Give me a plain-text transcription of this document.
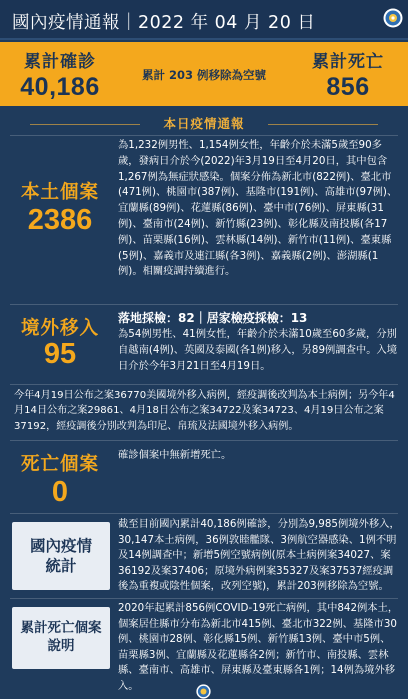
國內疫情通報｜2022 年 04 月 20 日
累計確診
40,186	累計 203 例移除為空號
累計死亡
856
本日疫情通報
本土個案
2386
為1,232例男性、1,154例女性，年齡介於未滿5歲至90多歲，發病日介於今(2022)年3月19日至4月20日，其中包含1,267例為無症狀感染。個案分佈為新北市(822例)、臺北市(471例)、桃園市(387例)、基隆市(191例)、高雄市(97例)、宜蘭縣(89例)、花蓮縣(86例)、臺中市(76例)、屏東縣(31例)、臺南市(24例)、新竹縣(23例)、彰化縣及南投縣(各17例)、苗栗縣(16例)、雲林縣(14例)、新竹市(11例)、臺東縣(5例)、嘉義市及連江縣(各3例)、嘉義縣(2例)、澎湖縣(1例)。相關疫調持續進行。
境外移入
95
落地採檢：82｜居家檢疫採檢：13
為54例男性、41例女性，年齡介於未滿10歲至60多歲，分別自越南(4例)、英國及泰國(各1例)移入，另89例調查中。入境日介於今年3月21日至4月19日。
今年4月19日公布之案36770美國境外移入病例，經疫調後改判為本土病例；另今年4月14日公布之案29861、4月18日公布之案34722及案34723、4月19日公布之案37192，經疫調後分別改判為印尼、帛琉及法國境外移入病例。
死亡個案
0
確診個案中無新增死亡。
國內疫情
統計
截至目前國內累計40,186例確診，分別為9,985例境外移入，30,147本土病例，36例敦睦艦隊、3例航空器感染、1例不明及14例調查中；新增5例空號病例(原本土病例案34027、案36192及案37406；原境外病例案35327及案37537經疫調後為重複或陰性個案，改列空號)，累計203例移除為空號。
累計死亡個案
說明
2020年起累計856例COVID-19死亡病例，其中842例本土，個案居住縣市分布為新北市415例、臺北市322例、基隆市30例、桃園市28例、彰化縣15例、新竹縣13例、臺中市5例、苗栗縣3例、宜蘭縣及花蓮縣各2例；新竹市、南投縣、雲林縣、臺南市、高雄市、屏東縣及臺東縣各1例；14例為境外移入。
